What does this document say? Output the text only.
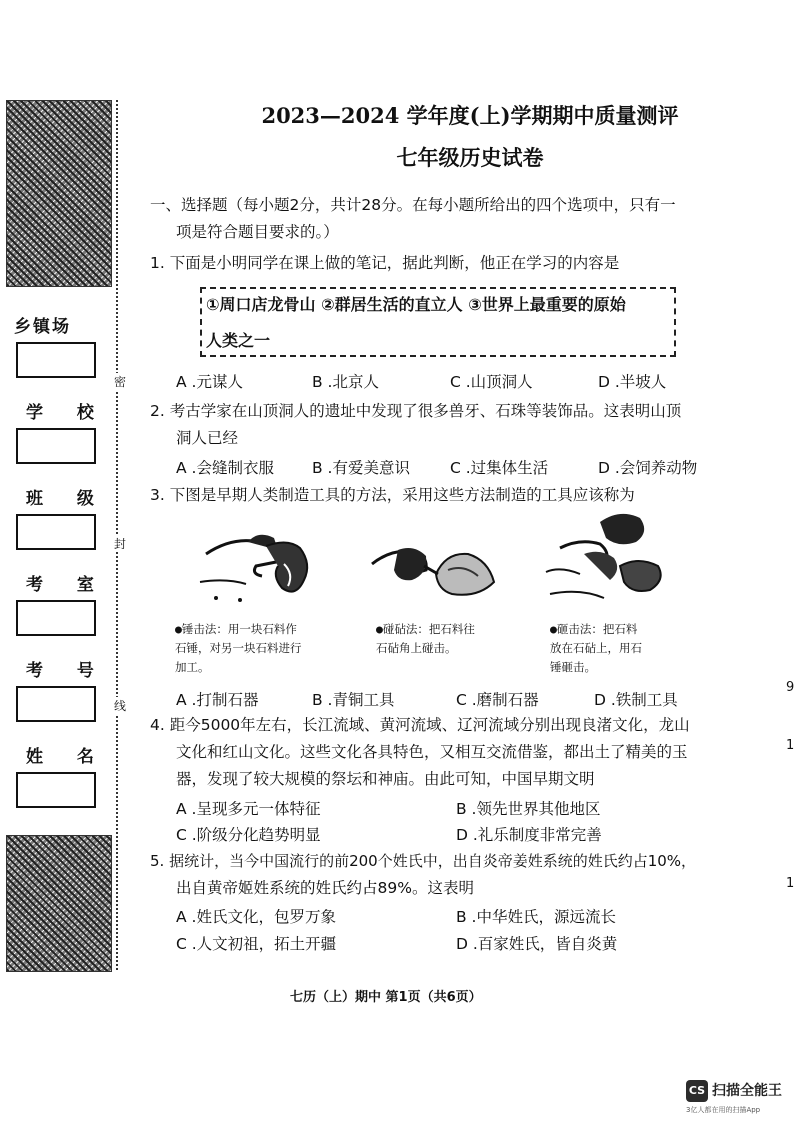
乡镇场
学 校
班 级
考 室
考 号
姓 名
密
封
线
2023—2024 学年度(上)学期期中质量测评
七年级历史试卷
一、选择题（每小题2分，共计28分。在每小题所给出的四个选项中，只有一
项是符合题目要求的。）
1. 下面是小明同学在课上做的笔记，据此判断，他正在学习的内容是
①周口店龙骨山 ②群居生活的直立人 ③世界上最重要的原始
人类之一
A .元谋人	B .北京人	C .山顶洞人	D .半坡人
2. 考古学家在山顶洞人的遗址中发现了很多兽牙、石珠等装饰品。这表明山顶
洞人已经
A .会缝制衣服 B .有爱美意识	C .过集体生活	D .会饲养动物
3. 下图是早期人类制造工具的方法，采用这些方法制造的工具应该称为
●锤击法：用一块石料作
石锤，对另一块石料进行
加工。
●碰砧法：把石料往
石砧角上碰击。
●砸击法：把石料
放在石砧上，用石
锤砸击。
A .打制石器	B .青铜工具	C .磨制石器	D .铁制工具
4. 距今5000年左右，长江流域、黄河流域、辽河流域分别出现良渚文化，龙山
文化和红山文化。这些文化各具特色，又相互交流借鉴，都出土了精美的玉
器，发现了较大规模的祭坛和神庙。由此可知，中国早期文明
A .呈现多元一体特征	B .领先世界其他地区
C .阶级分化趋势明显	D .礼乐制度非常完善
5. 据统计，当今中国流行的前200个姓氏中，出自炎帝姜姓系统的姓氏约占10%，
出自黄帝姬姓系统的姓氏约占89%。这表明
A .姓氏文化，包罗万象	B .中华姓氏，源远流长
C .人文初祖，拓土开疆	D .百家姓氏，皆自炎黄
七历（上）期中 第1页（共6页）
9
1
1
CS 扫描全能王
3亿人都在用的扫描App
